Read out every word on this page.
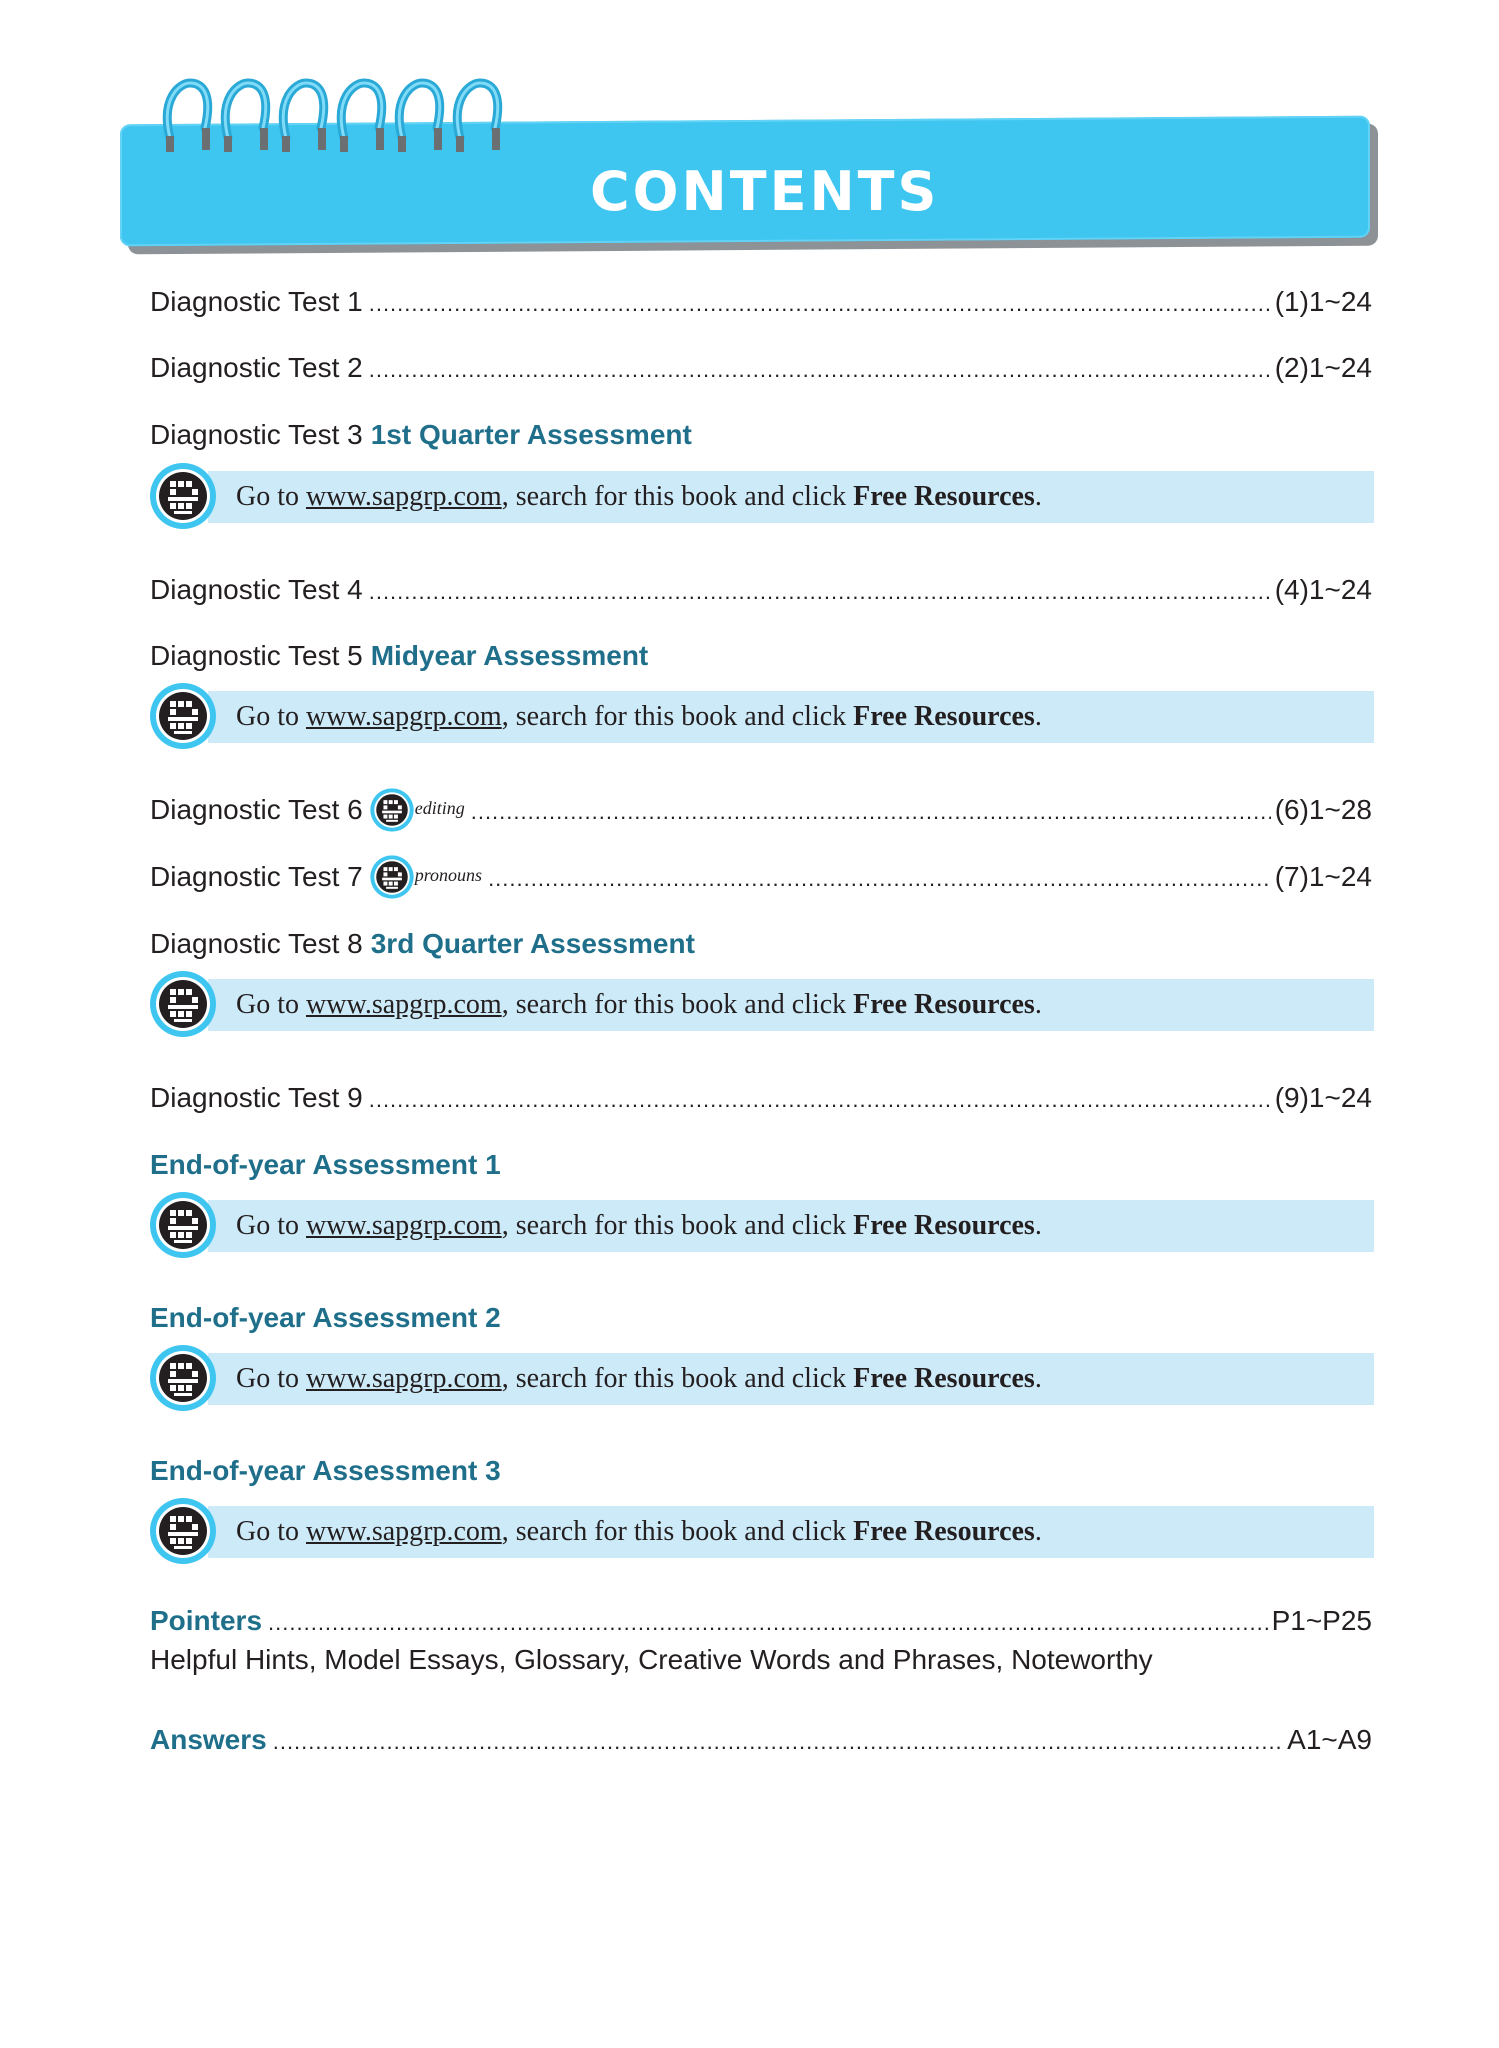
CONTENTS
Diagnostic Test 1 .....	(1)1~24
Diagnostic Test 2 .....	(2)1~24
Diagnostic Test 3 1st Quarter Assessment
Go to www.sapgrp.com, search for this book and click Free Resources.
Diagnostic Test 4 .....	(4)1~24
Diagnostic Test 5 Midyear Assessment
Go to www.sapgrp.com, search for this book and click Free Resources.
Diagnostic Test 6	editing .....	(6)1~28
Diagnostic Test 7	pronouns .....	(7)1~24
Diagnostic Test 8 3rd Quarter Assessment
Go to www.sapgrp.com, search for this book and click Free Resources.
Diagnostic Test 9 .....	(9)1~24
End-of-year Assessment 1
Go to www.sapgrp.com, search for this book and click Free Resources.
End-of-year Assessment 2
Go to www.sapgrp.com, search for this book and click Free Resources.
End-of-year Assessment 3
Go to www.sapgrp.com, search for this book and click Free Resources.
Pointers .....	P1~P25
Helpful Hints, Model Essays, Glossary, Creative Words and Phrases, Noteworthy
Answers .....	A1~A9
